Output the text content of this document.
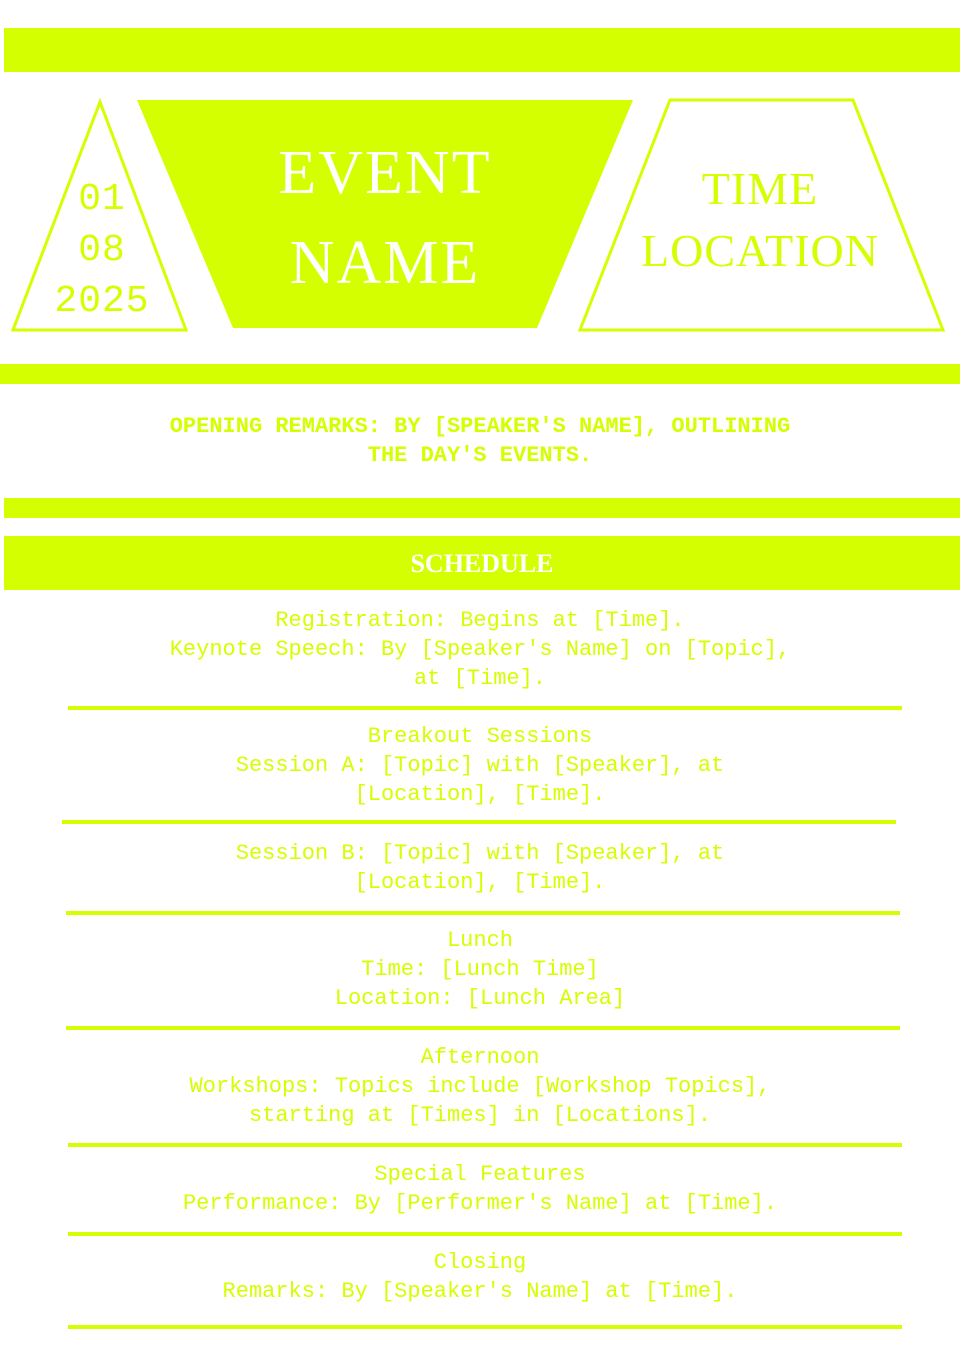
01
08
2025
EVENT
NAME
TIME
LOCATION
OPENING REMARKS: BY [SPEAKER'S NAME], OUTLINING
THE DAY'S EVENTS.
SCHEDULE
Registration: Begins at [Time].
Keynote Speech: By [Speaker's Name] on [Topic],
at [Time].
Breakout Sessions
Session A: [Topic] with [Speaker], at
[Location], [Time].
Session B: [Topic] with [Speaker], at
[Location], [Time].
Lunch
Time: [Lunch Time]
Location: [Lunch Area]
Afternoon
Workshops: Topics include [Workshop Topics],
starting at [Times] in [Locations].
Special Features
Performance: By [Performer's Name] at [Time].
Closing
Remarks: By [Speaker's Name] at [Time].
